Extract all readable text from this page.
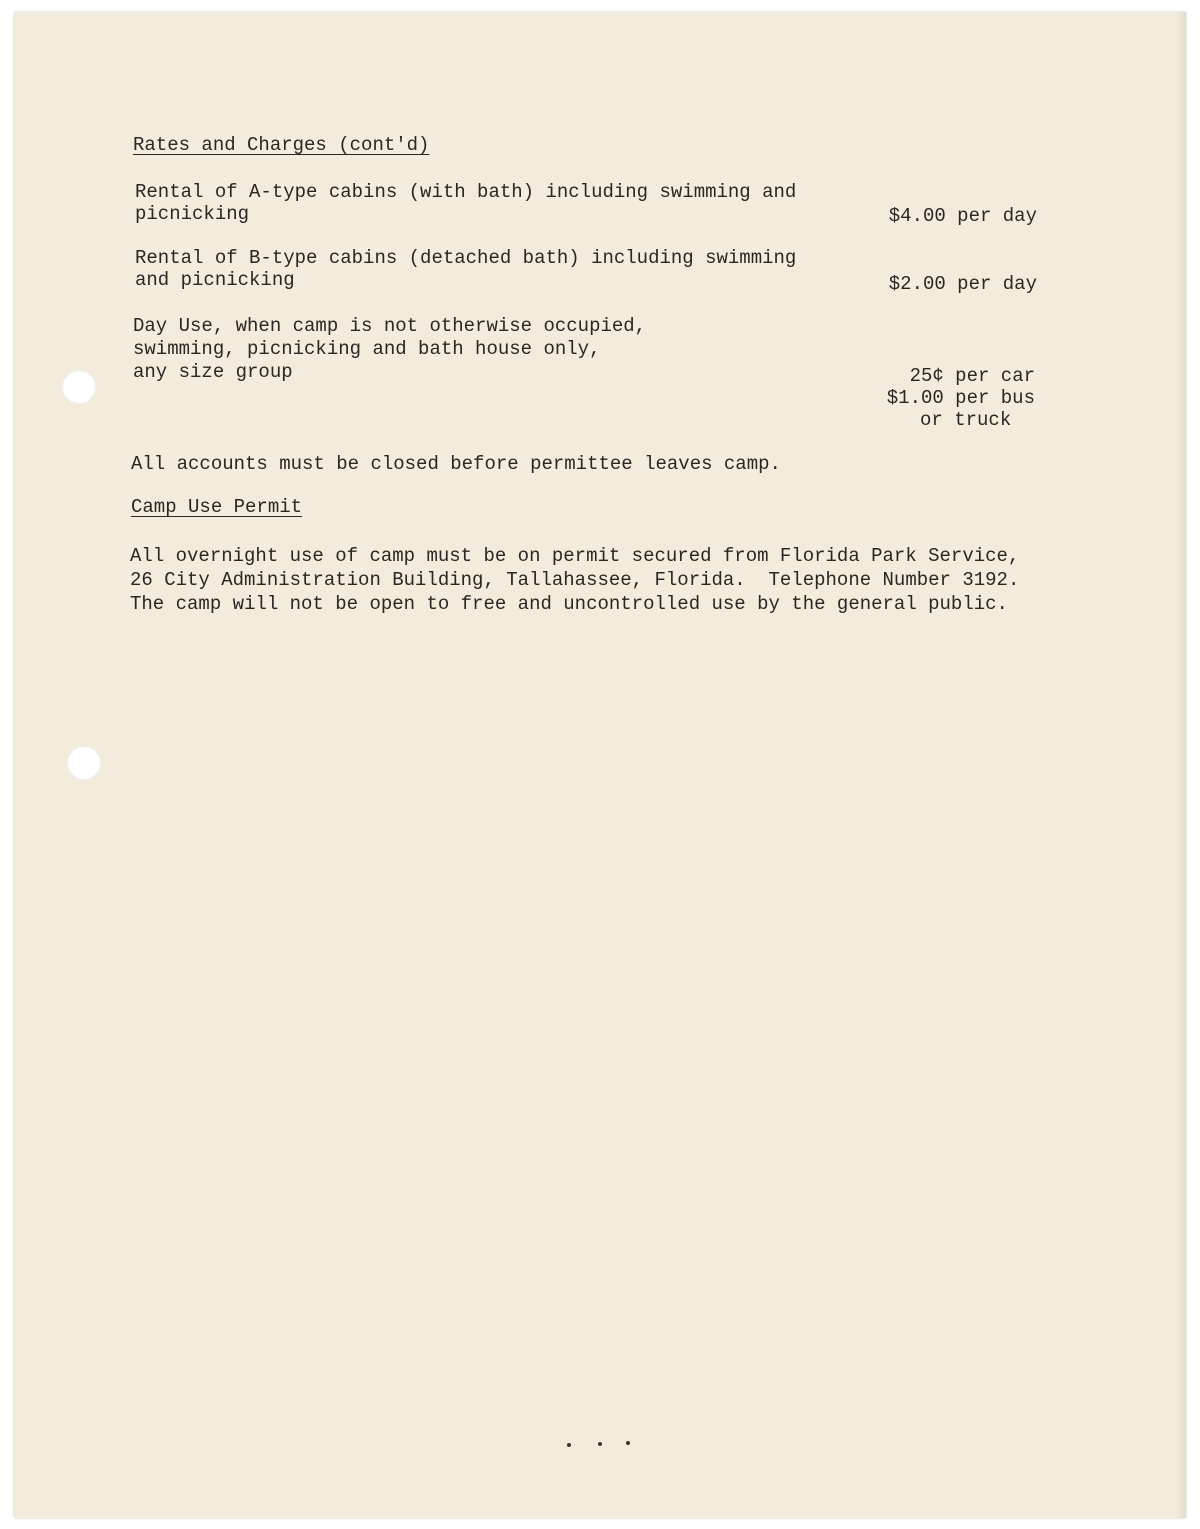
Rates and Charges (cont'd)
Rental of A-type cabins (with bath) including swimming and
picnicking	$4.00 per day
Rental of B-type cabins (detached bath) including swimming
and picnicking	$2.00 per day
Day Use, when camp is not otherwise occupied,
swimming, picnicking and bath house only,
any size group	25¢ per car
$1.00 per bus
or truck
All accounts must be closed before permittee leaves camp.
Camp Use Permit
All overnight use of camp must be on permit secured from Florida Park Service,
26 City Administration Building, Tallahassee, Florida.  Telephone Number 3192.
The camp will not be open to free and uncontrolled use by the general public.
